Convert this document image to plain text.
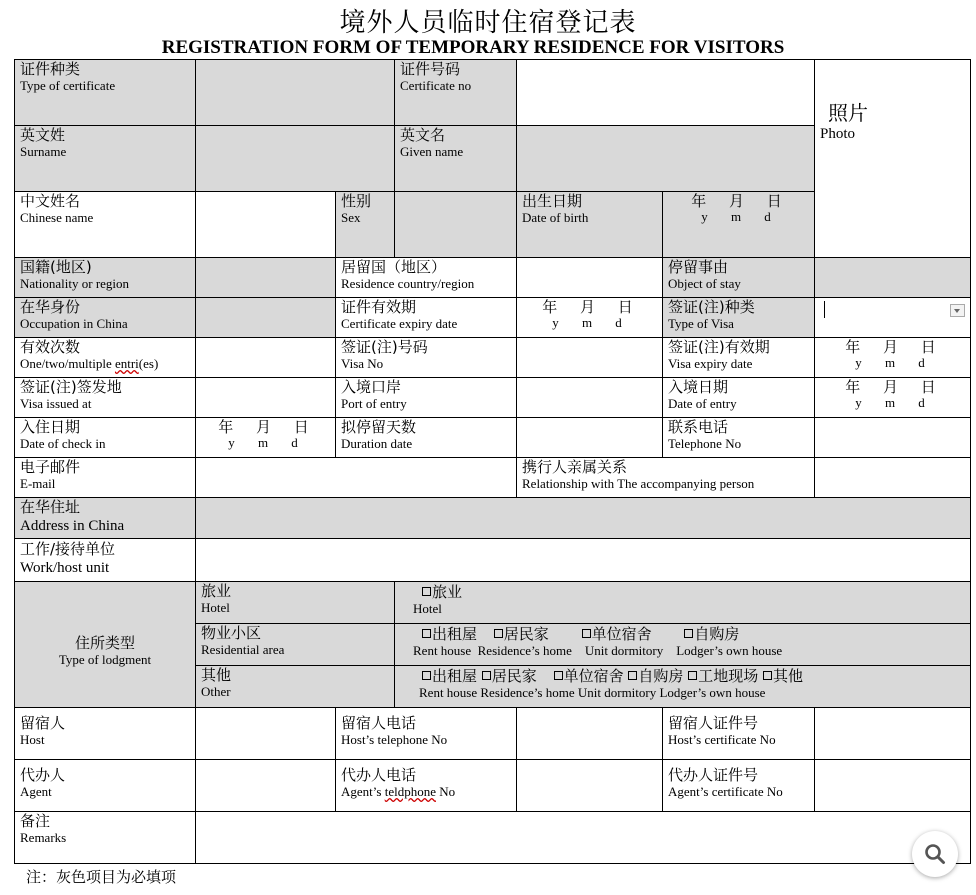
境外人员临时住宿登记表
REGISTRATION FORM OF TEMPORARY RESIDENCE FOR VISITORS
证件种类
Type of certificate			证件号码
Certificate no			照片
Photo

英文姓
Surname			英文名
Given name			

中文姓名
Chinese name		性别
Sex		出生日期
Date of birth	年 月 日
y m d	

国籍(地区)
Nationality or region		居留国（地区）
Residence country/region			停留事由
Object of stay	

在华身份
Occupation in China		证件有效期
Certificate expiry date		年 月 日
y m d	签证(注)种类
Type of Visa	

有效次数
One/two/multiple entri(es)		签证(注)号码
Visa No			签证(注)有效期
Visa expiry date	年 月 日
y m d

签证(注)签发地
Visa issued at		入境口岸
Port of entry			入境日期
Date of entry	年 月 日
y m d

入住日期
Date of check in	年 月 日
y m d	拟停留天数
Duration date			联系电话
Telephone No	

电子邮件
E-mail				携行人亲属关系
Relationship with The accompanying person		

在华住址
Address in China						

工作/接待单位
Work/host unit						

住所类型
Type of lodgment	旅业
Hotel		旅业
Hotel			

	物业小区
Residential area		出租屋 居民家 单位宿舍 自购房
Rent house Residence’s home Unit dormitory Lodger’s own house			

	其他
Other		出租屋 居民家 单位宿舍 自购房 工地现场 其他
Rent house Residence’s home Unit dormitory Lodger’s own house			

留宿人
Host		留宿人电话
Host’s telephone No			留宿人证件号
Host’s certificate No	

代办人
Agent		代办人电话
Agent’s teldphone No			代办人证件号
Agent’s certificate No	

备注
Remarks						

注：灰色项目为必填项
